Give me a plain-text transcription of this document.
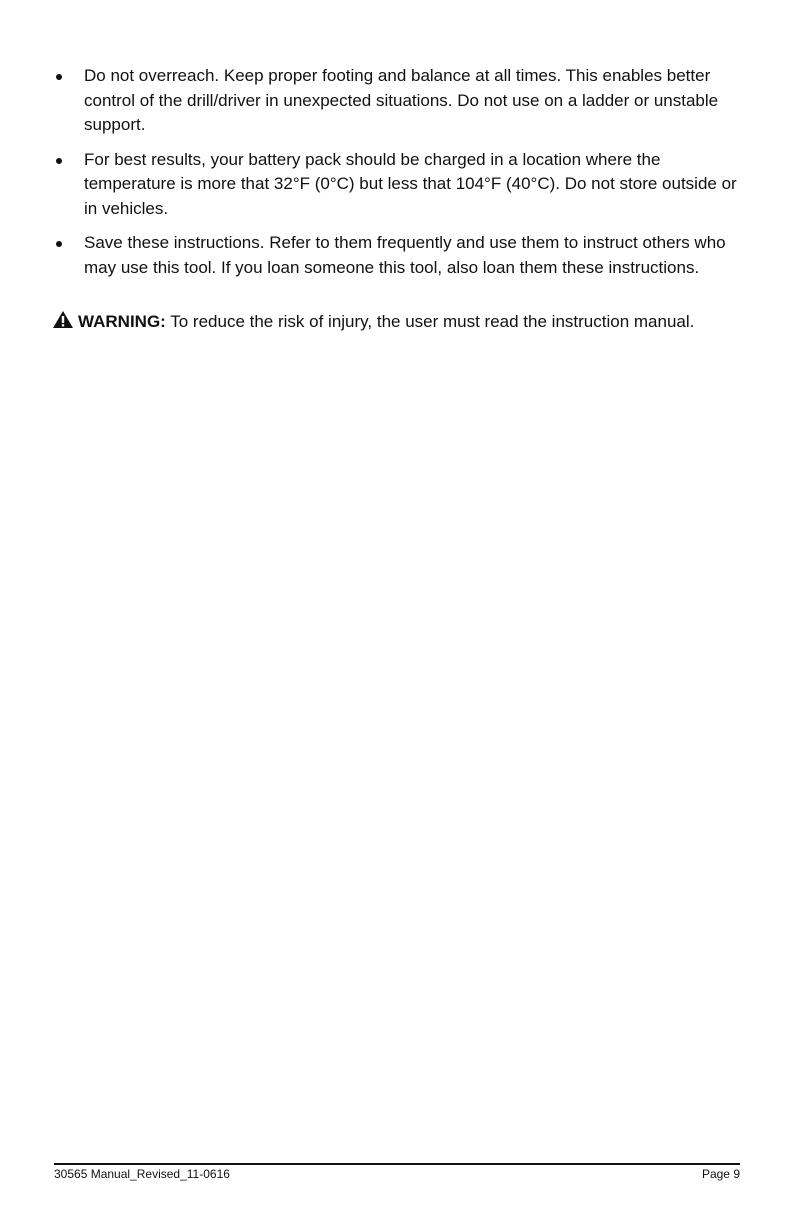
Do not overreach. Keep proper footing and balance at all times. This enables better control of the drill/driver in unexpected situations. Do not use on a ladder or unstable support.
For best results, your battery pack should be charged in a location where the temperature is more that 32°F (0°C) but less that 104°F (40°C). Do not store outside or in vehicles.
Save these instructions. Refer to them frequently and use them to instruct others who may use this tool. If you loan someone this tool, also loan them these instructions.
WARNING: To reduce the risk of injury, the user must read the instruction manual.
30565 Manual_Revised_11-0616	Page 9
